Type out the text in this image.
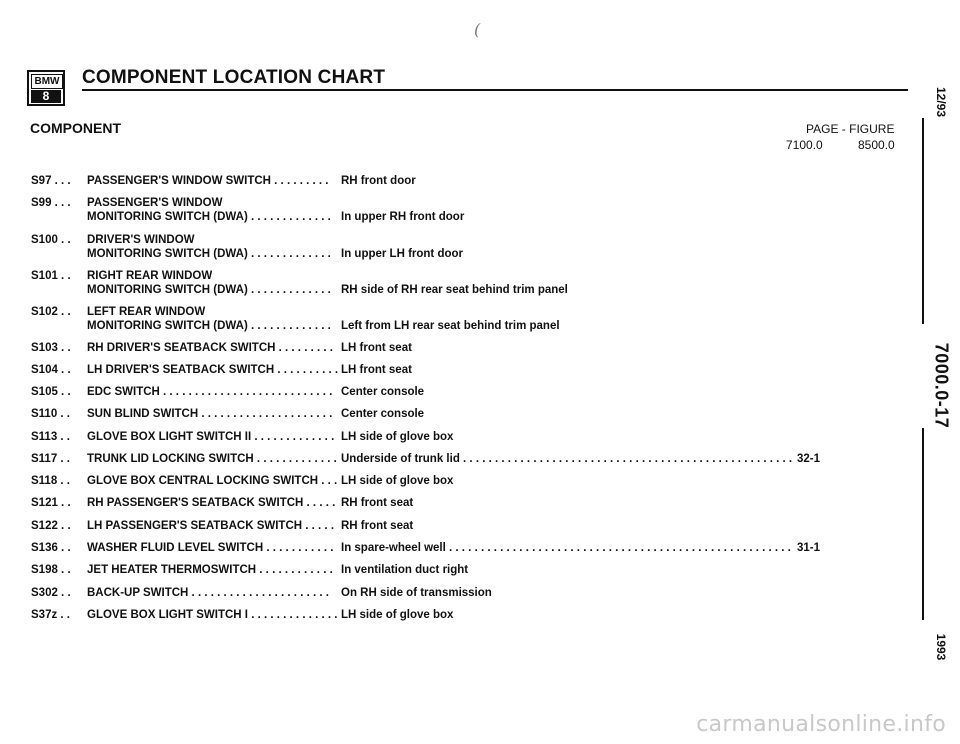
(
BMW
8
COMPONENT LOCATION CHART
COMPONENT	PAGE - FIGURE
7100.0	8500.0
S97 . . . PASSENGER'S WINDOW SWITCH . . . . . . . . . RH front door
S99 . . . PASSENGER'S WINDOW
MONITORING SWITCH (DWA) . . . . . . . . . . . . . In upper RH front door
S100 . . DRIVER'S WINDOW
MONITORING SWITCH (DWA) . . . . . . . . . . . . . In upper LH front door
S101 . . RIGHT REAR WINDOW
MONITORING SWITCH (DWA) . . . . . . . . . . . . . RH side of RH rear seat behind trim panel
S102 . . LEFT REAR WINDOW
MONITORING SWITCH (DWA) . . . . . . . . . . . . . Left from LH rear seat behind trim panel
S103 . . RH DRIVER'S SEATBACK SWITCH . . . . . . . . . LH front seat
S104 . . LH DRIVER'S SEATBACK SWITCH . . . . . . . . . . LH front seat
S105 . . EDC SWITCH . . . . . . . . . . . . . . . . . . . . . . . . . . . Center console
S110 . . SUN BLIND SWITCH . . . . . . . . . . . . . . . . . . . . . Center console
S113 . . GLOVE BOX LIGHT SWITCH II . . . . . . . . . . . . . LH side of glove box
S117 . . TRUNK LID LOCKING SWITCH . . . . . . . . . . . . . Underside of trunk lid . . . . . . . . . . . . . . . . . . . . . . . . . . . . . . . . . . . . . . . . . . . . . . . . . . . . 32-1
S118 . . GLOVE BOX CENTRAL LOCKING SWITCH . . . LH side of glove box
S121 . . RH PASSENGER'S SEATBACK SWITCH . . . . . RH front seat
S122 . . LH PASSENGER'S SEATBACK SWITCH . . . . . RH front seat
S136 . . WASHER FLUID LEVEL SWITCH . . . . . . . . . . . In spare-wheel well . . . . . . . . . . . . . . . . . . . . . . . . . . . . . . . . . . . . . . . . . . . . . . . . . . . . . . 31-1
S198 . . JET HEATER THERMOSWITCH . . . . . . . . . . . . In ventilation duct right
S302 . . BACK-UP SWITCH . . . . . . . . . . . . . . . . . . . . . . On RH side of transmission
S37z . . GLOVE BOX LIGHT SWITCH I . . . . . . . . . . . . . . LH side of glove box
12/93
7000.0-17
1993
carmanualsonline.info
